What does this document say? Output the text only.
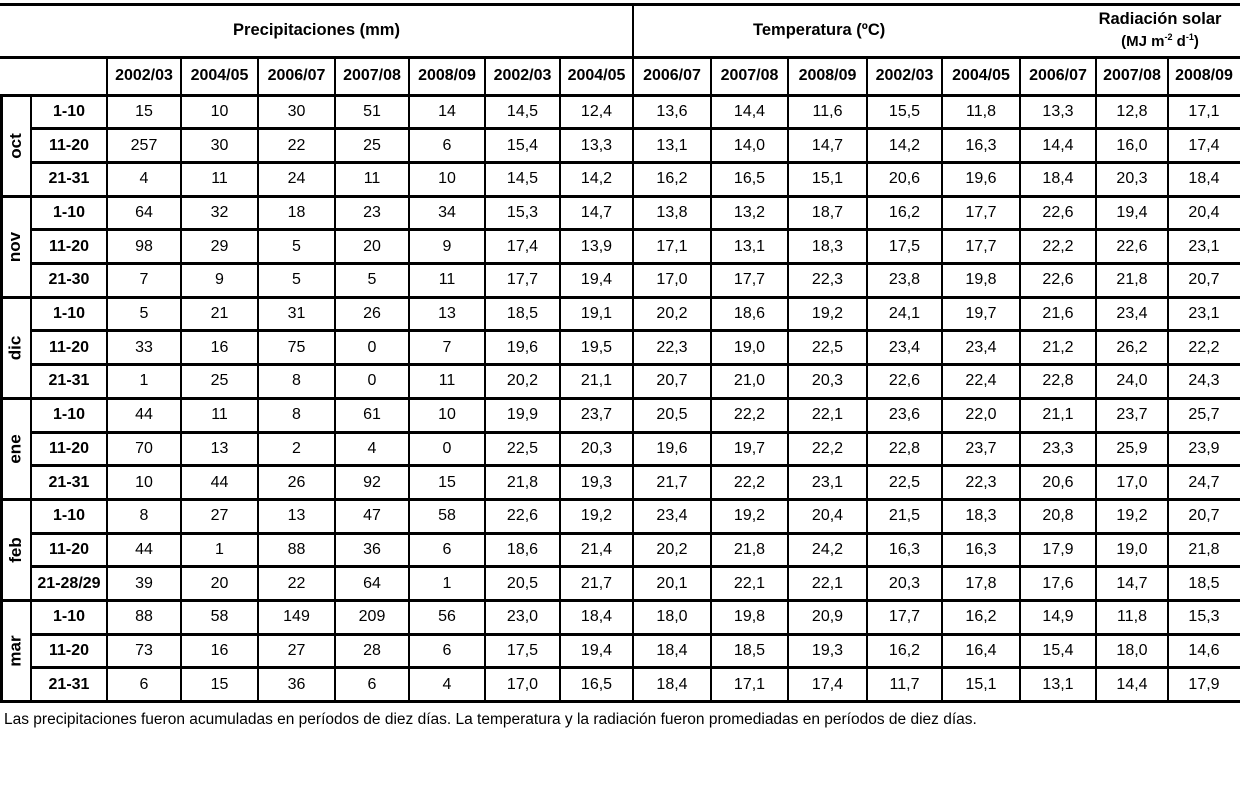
Precipitaciones (mm)	Temperatura (ºC)
Radiación solar
(MJ $m^{-2}$ $d^{-1}$)
2002/03	2004/05	2006/07	2007/08	2008/09	2002/03	2004/05	2006/07	2007/08	2008/09	2002/03	2004/05	2006/07	2007/08 2008/09
oct
1-10	15	10	30	51	14	14,5	12,4	13,6	14,4	11,6	15,5	11,8	13,3	12,8	17,1
11-20	257	30	22	25	6	15,4	13,3	13,1	14,0	14,7	14,2	16,3	14,4	16,0	17,4
21-31	4	11	24	11	10	14,5	14,2	16,2	16,5	15,1	20,6	19,6	18,4	20,3	18,4
nov
1-10	64	32	18	23	34	15,3	14,7	13,8	13,2	18,7	16,2	17,7	22,6	19,4	20,4
11-20	98	29	5	20	9	17,4	13,9	17,1	13,1	18,3	17,5	17,7	22,2	22,6	23,1
21-30	7	9	5	5	11	17,7	19,4	17,0	17,7	22,3	23,8	19,8	22,6	21,8	20,7
dic
1-10	5	21	31	26	13	18,5	19,1	20,2	18,6	19,2	24,1	19,7	21,6	23,4	23,1
11-20	33	16	75	0	7	19,6	19,5	22,3	19,0	22,5	23,4	23,4	21,2	26,2	22,2
21-31	1	25	8	0	11	20,2	21,1	20,7	21,0	20,3	22,6	22,4	22,8	24,0	24,3
ene
1-10	44	11	8	61	10	19,9	23,7	20,5	22,2	22,1	23,6	22,0	21,1	23,7	25,7
11-20	70	13	2	4	0	22,5	20,3	19,6	19,7	22,2	22,8	23,7	23,3	25,9	23,9
21-31	10	44	26	92	15	21,8	19,3	21,7	22,2	23,1	22,5	22,3	20,6	17,0	24,7
feb
1-10	8	27	13	47	58	22,6	19,2	23,4	19,2	20,4	21,5	18,3	20,8	19,2	20,7
11-20	44	1	88	36	6	18,6	21,4	20,2	21,8	24,2	16,3	16,3	17,9	19,0	21,8
21-28/29	39	20	22	64	1	20,5	21,7	20,1	22,1	22,1	20,3	17,8	17,6	14,7	18,5
mar
1-10	88	58	149	209	56	23,0	18,4	18,0	19,8	20,9	17,7	16,2	14,9	11,8	15,3
11-20	73	16	27	28	6	17,5	19,4	18,4	18,5	19,3	16,2	16,4	15,4	18,0	14,6
21-31	6	15	36	6	4	17,0	16,5	18,4	17,1	17,4	11,7	15,1	13,1	14,4	17,9
Las precipitaciones fueron acumuladas en períodos de diez días. La temperatura y la radiación fueron promediadas en períodos de diez días.
